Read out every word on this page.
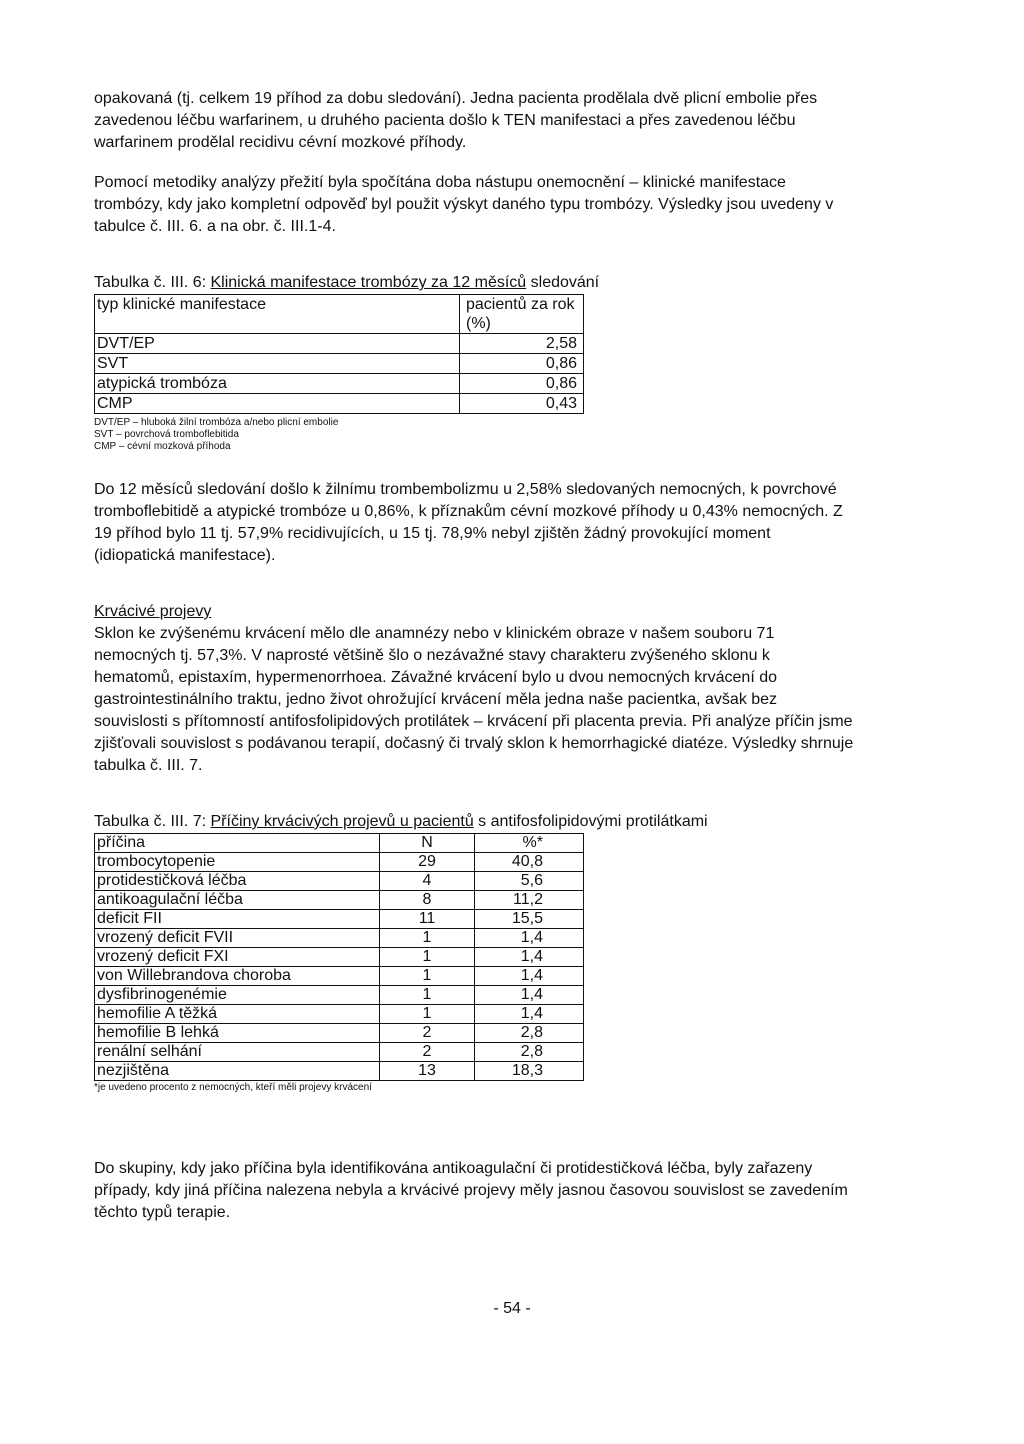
opakovaná (tj. celkem 19 příhod za dobu sledování). Jedna pacienta prodělala dvě plicní embolie přes zavedenou léčbu warfarinem, u druhého pacienta došlo k TEN manifestaci a přes zavedenou léčbu warfarinem prodělal recidivu cévní mozkové příhody.

Pomocí metodiky analýzy přežití byla spočítána doba nástupu onemocnění – klinické manifestace trombózy, kdy jako kompletní odpověď byl použit výskyt daného typu trombózy. Výsledky jsou uvedeny v tabulce č. III. 6. a na obr. č. III.1-4.

Tabulka č. III. 6: Klinická manifestace trombózy za 12 měsíců sledování

typ klinické manifestace	pacientů za rok (%)
DVT/EP	2,58
SVT	0,86
atypická trombóza	0,86
CMP	0,43
DVT/EP – hluboká žilní trombóza a/nebo plicní embolie
SVT – povrchová tromboflebitida
CMP – cévní mozková příhoda

Do 12 měsíců sledování došlo k žilnímu trombembolizmu u 2,58% sledovaných nemocných, k povrchové tromboflebitidě a atypické trombóze u 0,86%, k příznakům cévní mozkové příhody u 0,43% nemocných. Z 19 příhod bylo 11 tj. 57,9% recidivujících, u 15 tj. 78,9% nebyl zjištěn žádný provokující moment (idiopatická manifestace).

Krvácivé projevy

Sklon ke zvýšenému krvácení mělo dle anamnézy nebo v klinickém obraze v našem souboru 71 nemocných tj. 57,3%. V naprosté většině šlo o nezávažné stavy charakteru zvýšeného sklonu k hematomů, epistaxím, hypermenorrhoea. Závažné krvácení bylo u dvou nemocných krvácení do gastrointestinálního traktu, jedno život ohrožující krvácení měla jedna naše pacientka, avšak bez souvislosti s přítomností antifosfolipidových protilátek – krvácení při placenta previa. Při analýze příčin jsme zjišťovali souvislost s podávanou terapií, dočasný či trvalý sklon k hemorrhagické diatéze. Výsledky shrnuje tabulka č. III. 7.

Tabulka č. III. 7: Příčiny krvácivých projevů u pacientů s antifosfolipidovými protilátkami

příčina	N	%*
trombocytopenie	29	40,8
protidestičková léčba	4	5,6
antikoagulační léčba	8	11,2
deficit FII	11	15,5
vrozený deficit FVII	1	1,4
vrozený deficit FXI	1	1,4
von Willebrandova choroba	1	1,4
dysfibrinogenémie	1	1,4
hemofilie A těžká	1	1,4
hemofilie B lehká	2	2,8
renální selhání	2	2,8
nezjištěna	13	18,3
*je uvedeno procento z nemocných, kteří měli projevy krvácení

Do skupiny, kdy jako příčina byla identifikována antikoagulační či protidestičková léčba, byly zařazeny případy, kdy jiná příčina nalezena nebyla a krvácivé projevy měly jasnou časovou souvislost se zavedením těchto typů terapie.

- 54 -
